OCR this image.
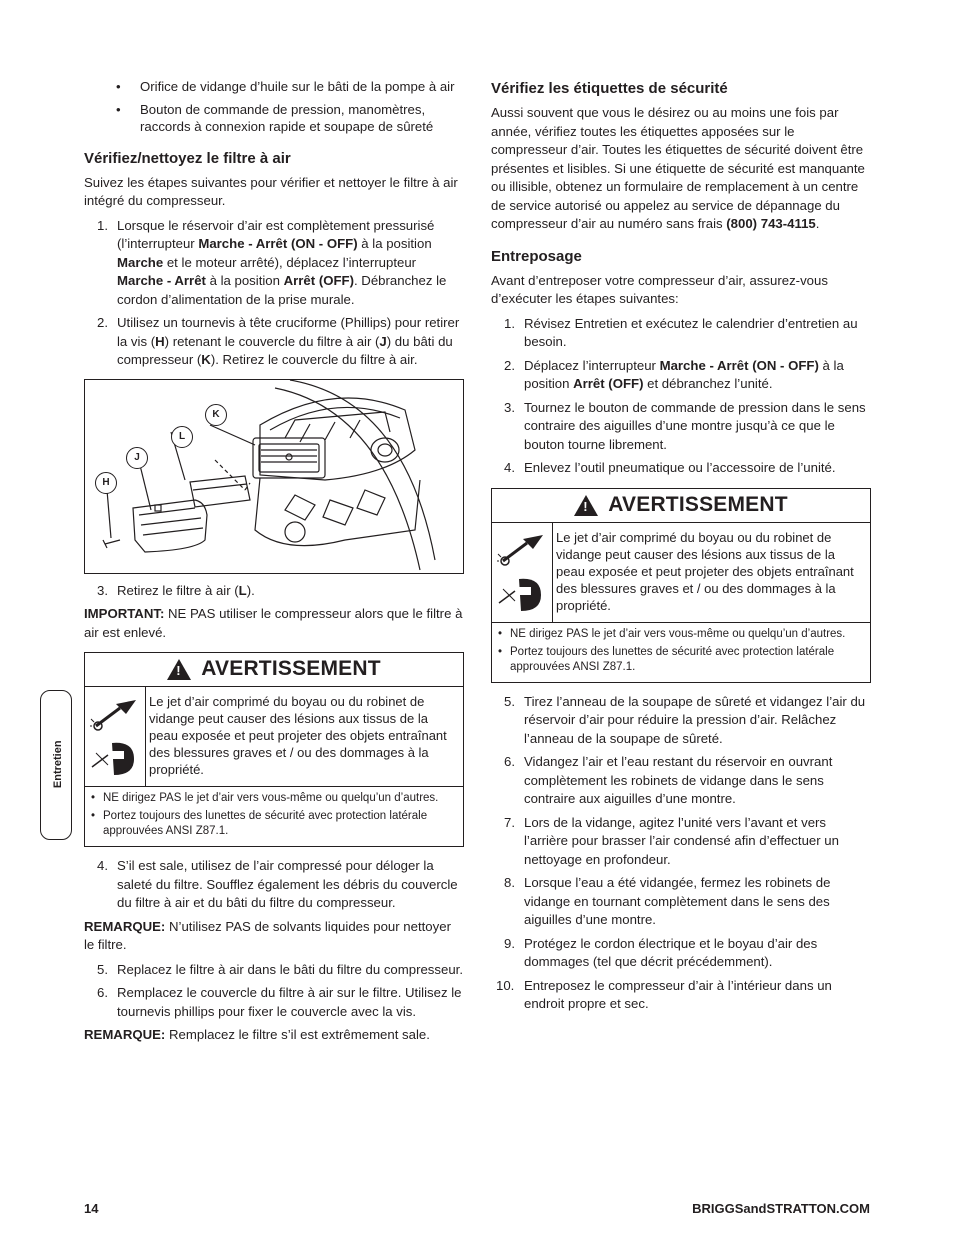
Entretien
• Orifice de vidange d’huile sur le bâti de la pompe à air
• Bouton de commande de pression, manomètres, raccords à connexion rapide et soupape de sûreté
Vérifiez/nettoyez le filtre à air

Suivez les étapes suivantes pour vérifier et nettoyer le filtre à air intégré du compresseur.

1. Lorsque le réservoir d’air est complètement pressurisé (l’interrupteur Marche - Arrêt (ON - OFF) à la position Marche et le moteur arrêté), déplacez l’interrupteur Marche - Arrêt à la position Arrêt (OFF). Débranchez le cordon d’alimentation de la prise murale.
2. Utilisez un tournevis à tête cruciforme (Phillips) pour retirer la vis (H) retenant le couvercle du filtre à air (J) du bâti du compresseur (K). Retirez le couvercle du filtre à air.
K
L
J
H
3. Retirez le filtre à air (L).

IMPORTANT: NE PAS utiliser le compresseur alors que le filtre à air est enlevé.

! AVERTISSEMENT
Le jet d’air comprimé du boyau ou du robinet de vidange peut causer des lésions aux tissus de la peau exposée et peut projeter des objets entraînant des blessures graves et / ou des dommages à la propriété.
• NE dirigez PAS le jet d’air vers vous-même ou quelqu’un d’autres.
• Portez toujours des lunettes de sécurité avec protection latérale approuvées ANSI Z87.1.
4. S’il est sale, utilisez de l’air compressé pour déloger la saleté du filtre. Soufflez également les débris du couvercle du filtre à air et du bâti du filtre du compresseur.

REMARQUE: N’utilisez PAS de solvants liquides pour nettoyer le filtre.

5. Replacez le filtre à air dans le bâti du filtre du compresseur.
6. Remplacez le couvercle du filtre à air sur le filtre. Utilisez le tournevis phillips pour fixer le couvercle avec la vis.

REMARQUE: Remplacez le filtre s’il est extrêmement sale.

Vérifiez les étiquettes de sécurité

Aussi souvent que vous le désirez ou au moins une fois par année, vérifiez toutes les étiquettes apposées sur le compresseur d’air. Toutes les étiquettes de sécurité doivent être présentes et lisibles. Si une étiquette de sécurité est manquante ou illisible, obtenez un formulaire de remplacement à un centre de service autorisé ou appelez au service de dépannage du compresseur d’air au numéro sans frais (800) 743-4115.

Entreposage

Avant d’entreposer votre compresseur d’air, assurez-vous d’exécuter les étapes suivantes:

1. Révisez Entretien et exécutez le calendrier d’entretien au besoin.
2. Déplacez l’interrupteur Marche - Arrêt (ON - OFF) à la position Arrêt (OFF) et débranchez l’unité.
3. Tournez le bouton de commande de pression dans le sens contraire des aiguilles d’une montre jusqu’à ce que le bouton tourne librement.
4. Enlevez l’outil pneumatique ou l’accessoire de l’unité.
! AVERTISSEMENT
Le jet d’air comprimé du boyau ou du robinet de vidange peut causer des lésions aux tissus de la peau exposée et peut projeter des objets entraînant des blessures graves et / ou des dommages à la propriété.
• NE dirigez PAS le jet d’air vers vous-même ou quelqu’un d’autres.
• Portez toujours des lunettes de sécurité avec protection latérale approuvées ANSI Z87.1.
5. Tirez l’anneau de la soupape de sûreté et vidangez l’air du réservoir d’air pour réduire la pression d’air. Relâchez l’anneau de la soupape de sûreté.
6. Vidangez l’air et l’eau restant du réservoir en ouvrant complètement les robinets de vidange dans le sens contraire aux aiguilles d’une montre.
7. Lors de la vidange, agitez l’unité vers l’avant et vers l’arrière pour brasser l’air condensé afin d’effectuer un nettoyage en profondeur.
8. Lorsque l’eau a été vidangée, fermez les robinets de vidange en tournant complètement dans le sens des aiguilles d’une montre.
9. Protégez le cordon électrique et le boyau d’air des dommages (tel que décrit précédemment).
10. Entreposez le compresseur d’air à l’intérieur dans un endroit propre et sec.
14	BRIGGSandSTRATTON.COM
